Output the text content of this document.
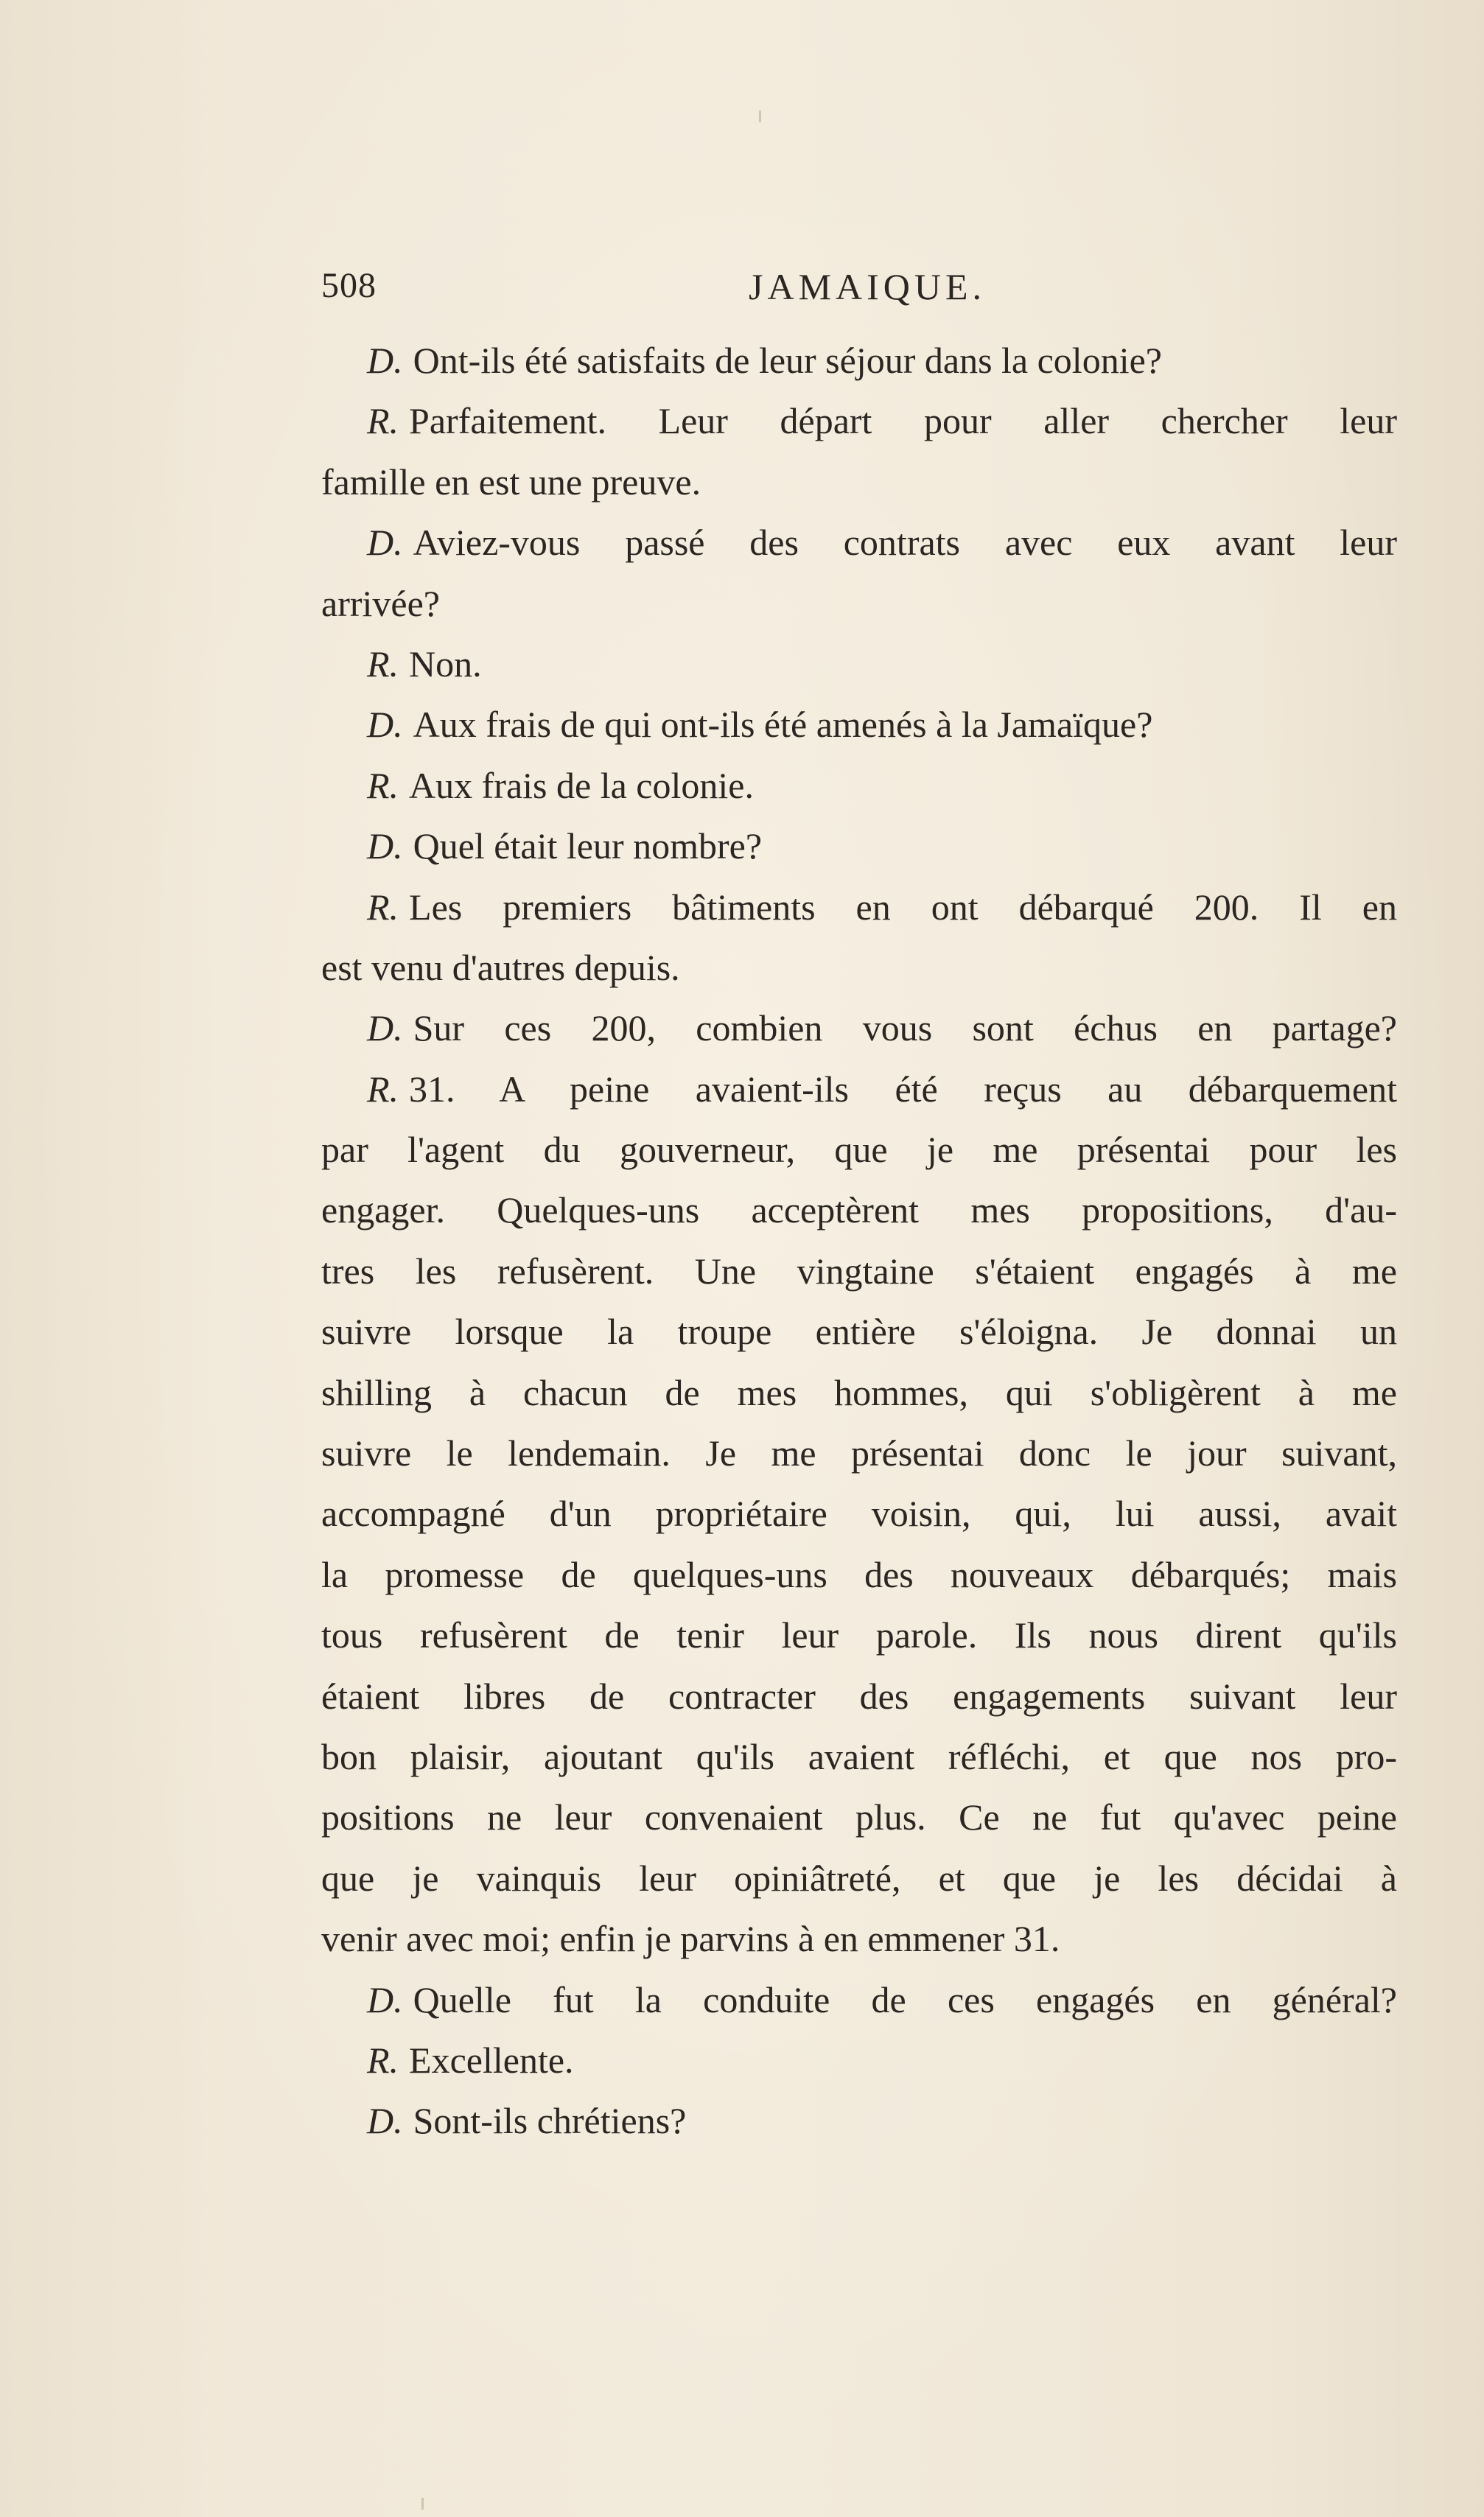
508	JAMAIQUE.
D. Ont-ils été satisfaits de leur séjour dans la colonie?
R. Parfaitement. Leur départ pour aller chercher leur
famille en est une preuve.
D. Aviez-vous passé des contrats avec eux avant leur
arrivée?
R. Non.
D. Aux frais de qui ont-ils été amenés à la Jamaïque?
R. Aux frais de la colonie.
D. Quel était leur nombre?
R. Les premiers bâtiments en ont débarqué 200. Il en
est venu d'autres depuis.
D. Sur ces 200, combien vous sont échus en partage?
R. 31. A peine avaient-ils été reçus au débarquement
par l'agent du gouverneur, que je me présentai pour les
engager. Quelques-uns acceptèrent mes propositions, d'au-
tres les refusèrent. Une vingtaine s'étaient engagés à me
suivre lorsque la troupe entière s'éloigna. Je donnai un
shilling à chacun de mes hommes, qui s'obligèrent à me
suivre le lendemain. Je me présentai donc le jour suivant,
accompagné d'un propriétaire voisin, qui, lui aussi, avait
la promesse de quelques-uns des nouveaux débarqués; mais
tous refusèrent de tenir leur parole. Ils nous dirent qu'ils
étaient libres de contracter des engagements suivant leur
bon plaisir, ajoutant qu'ils avaient réfléchi, et que nos pro-
positions ne leur convenaient plus. Ce ne fut qu'avec peine
que je vainquis leur opiniâtreté, et que je les décidai à
venir avec moi; enfin je parvins à en emmener 31.
D. Quelle fut la conduite de ces engagés en général?
R. Excellente.
D. Sont-ils chrétiens?
